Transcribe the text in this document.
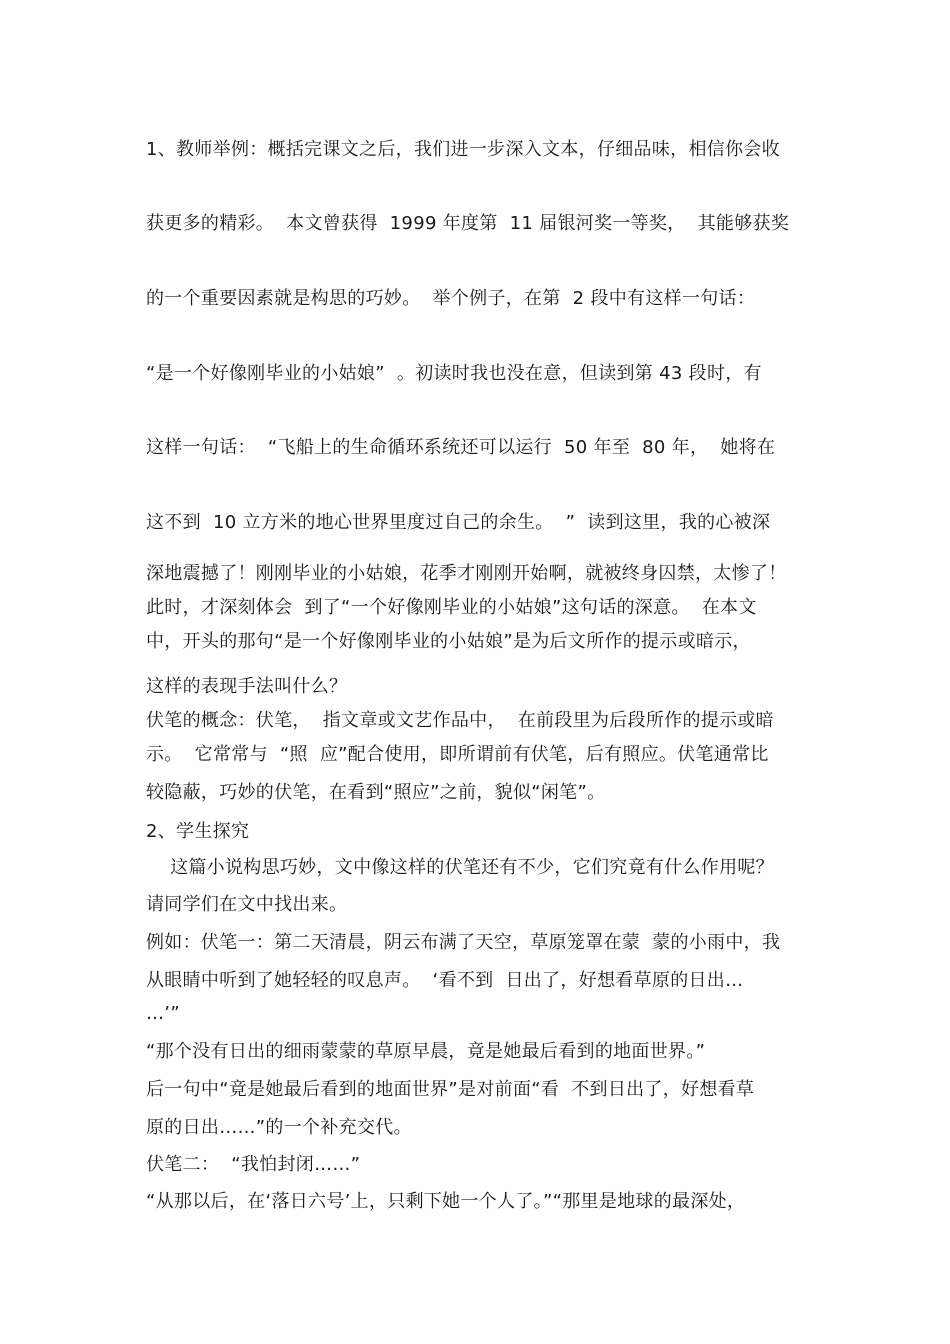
1、教师举例：概括完课文之后，我们进一步深入文本，仔细品味，相信你会收
获更多的精彩。  本文曾获得  1999 年度第  11 届银河奖一等奖，  其能够获奖
的一个重要因素就是构思的巧妙。  举个例子，在第  2 段中有这样一句话：
“是一个好像刚毕业的小姑娘”  。初读时我也没在意，但读到第 43 段时，有
这样一句话：  “飞船上的生命循环系统还可以运行  50 年至  80 年，  她将在
这不到  10 立方米的地心世界里度过自己的余生。  ”  读到这里，我的心被深
深地震撼了！刚刚毕业的小姑娘，花季才刚刚开始啊，就被终身囚禁，太惨了！
此时，才深刻体会  到了“一个好像刚毕业的小姑娘”这句话的深意。  在本文
中，开头的那句“是一个好像刚毕业的小姑娘”是为后文所作的提示或暗示，
这样的表现手法叫什么？
伏笔的概念：伏笔，  指文章或文艺作品中，  在前段里为后段所作的提示或暗
示。  它常常与  “照  应”配合使用，即所谓前有伏笔，后有照应。伏笔通常比
较隐蔽，巧妙的伏笔，在看到“照应”之前，貌似“闲笔”。
2、学生探究
这篇小说构思巧妙，文中像这样的伏笔还有不少，它们究竟有什么作用呢？
请同学们在文中找出来。
例如：伏笔一：第二天清晨，阴云布满了天空，草原笼罩在蒙  蒙的小雨中，我
从眼睛中听到了她轻轻的叹息声。  ‘看不到  日出了，好想看草原的日出…
…’”
“那个没有日出的细雨蒙蒙的草原早晨，竟是她最后看到的地面世界。”
后一句中“竟是她最后看到的地面世界”是对前面“看  不到日出了，好想看草
原的日出……”的一个补充交代。
伏笔二：  “我怕封闭……”
“从那以后，在‘落日六号’上，只剩下她一个人了。”“那里是地球的最深处，
